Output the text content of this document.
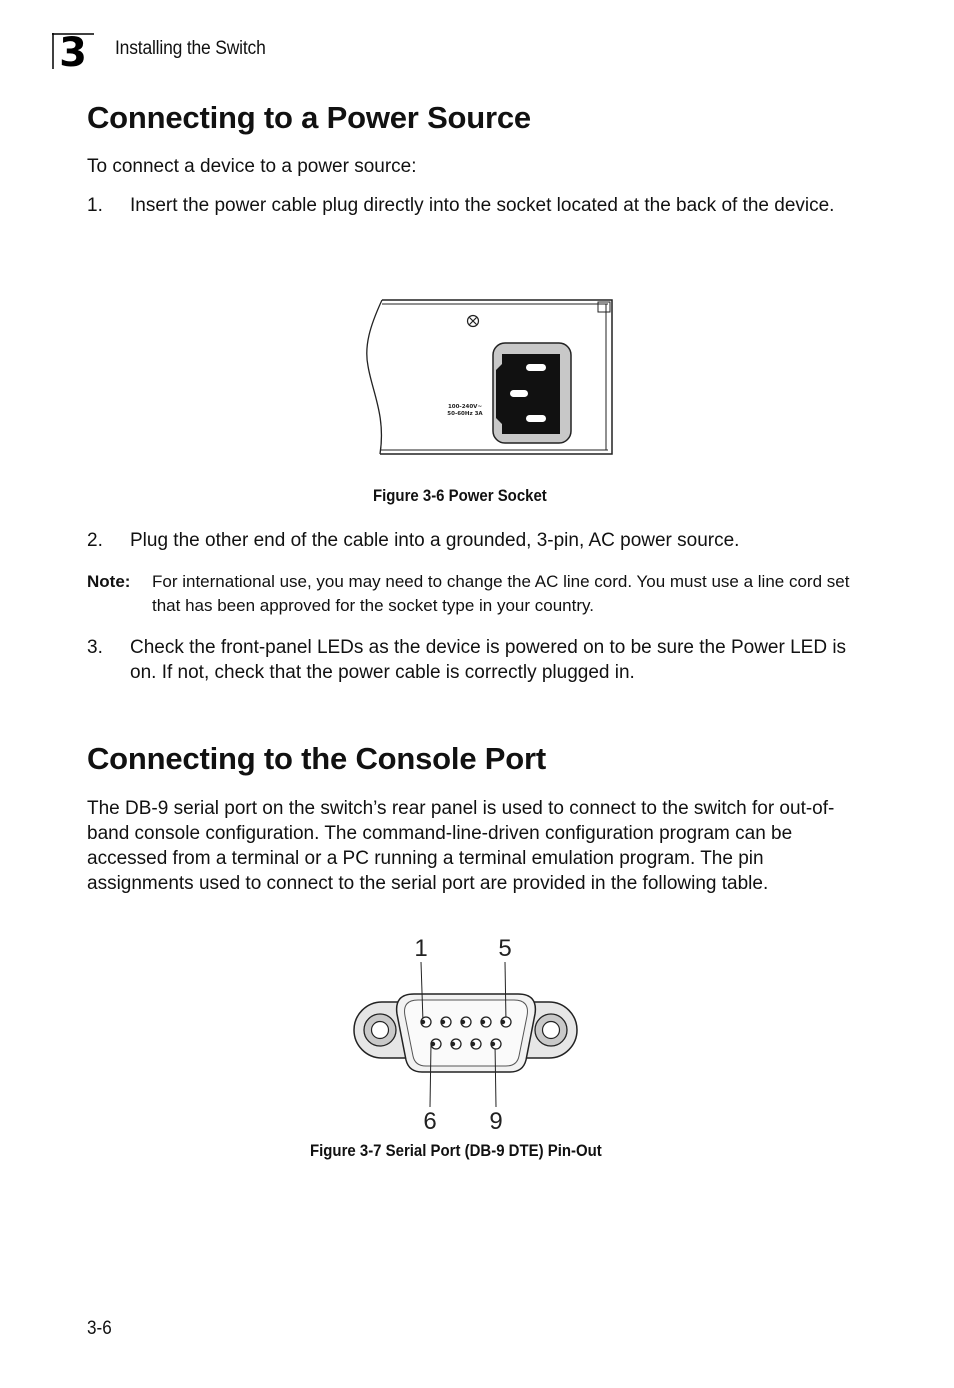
3 Installing the Switch
Connecting to a Power Source
To connect a device to a power source:
1. Insert the power cable plug directly into the socket located at the back of the device.
100-240V~
50-60Hz 3A
Figure 3-6 Power Socket
2. Plug the other end of the cable into a grounded, 3-pin, AC power source.
Note: For international use, you may need to change the AC line cord. You must use a line cord set that has been approved for the socket type in your country.
3. Check the front-panel LEDs as the device is powered on to be sure the Power LED is on. If not, check that the power cable is correctly plugged in.
Connecting to the Console Port
The DB-9 serial port on the switch’s rear panel is used to connect to the switch for out-of-band console configuration. The command-line-driven configuration program can be accessed from a terminal or a PC running a terminal emulation program. The pin assignments used to connect to the serial port are provided in the following table.
1	5
6 9
Figure 3-7 Serial Port (DB-9 DTE) Pin-Out
3-6
